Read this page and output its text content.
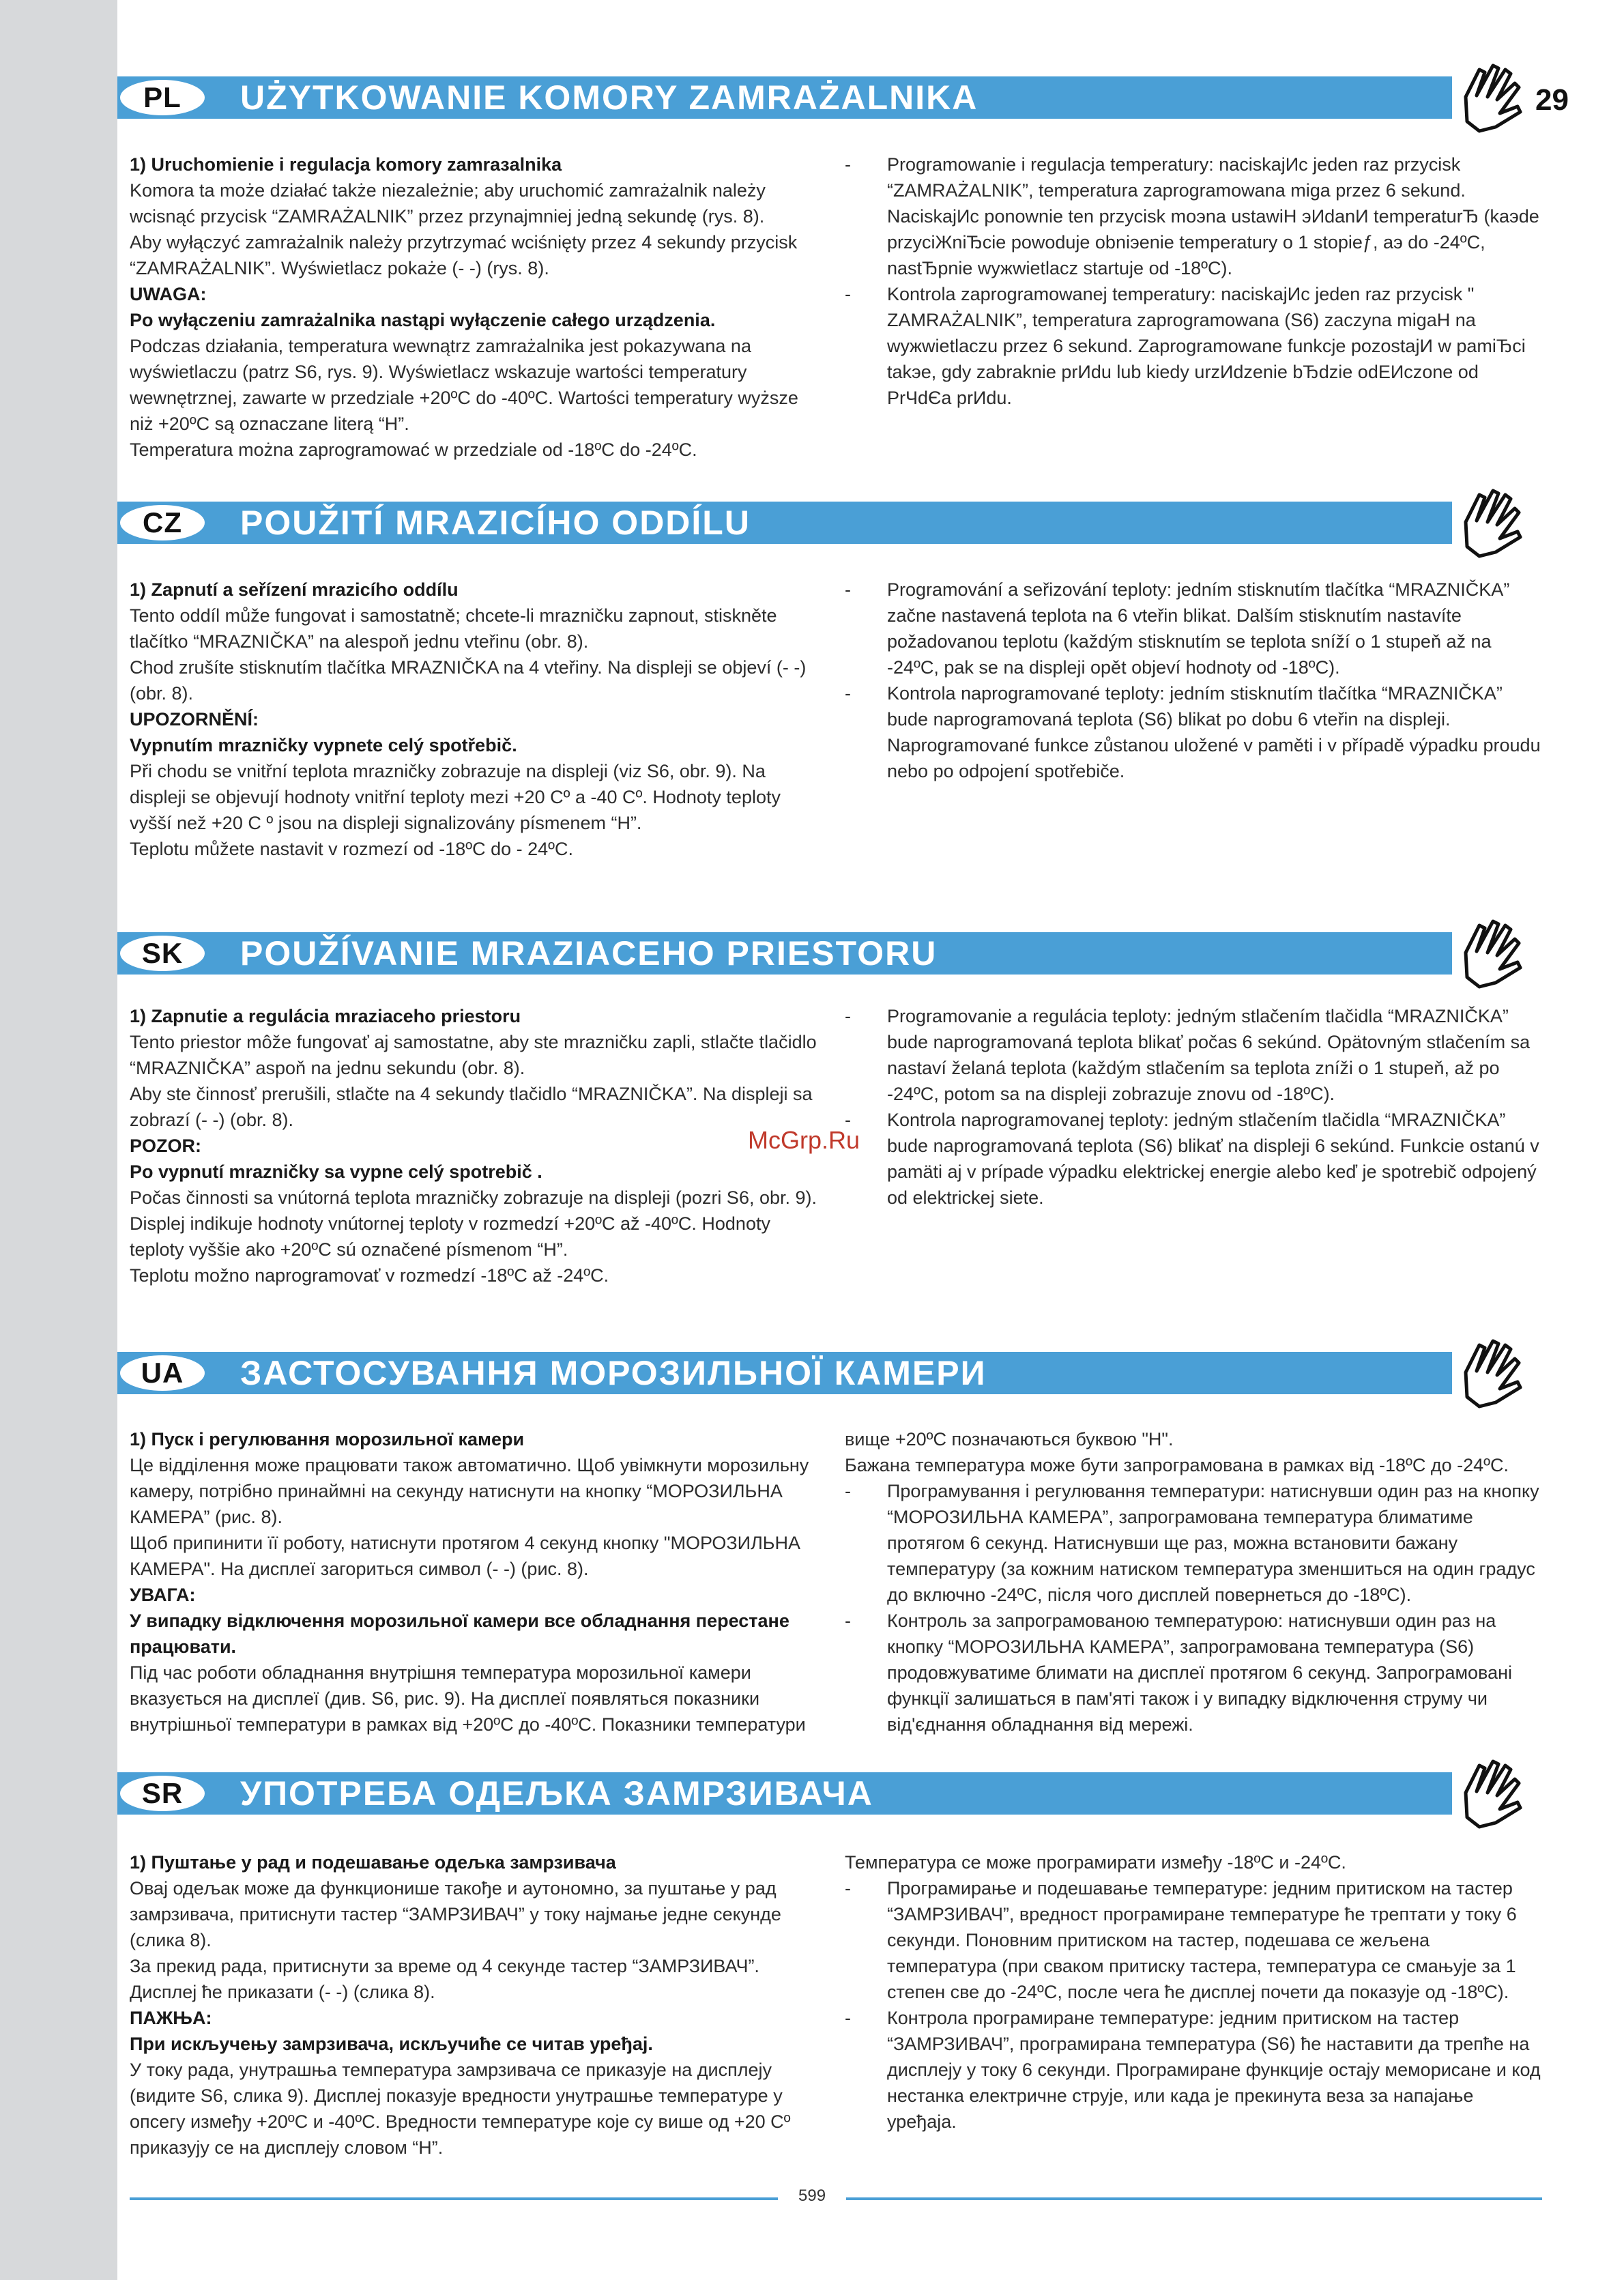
29
PL	UŻYTKOWANIE KOMORY ZAMRAŻALNIKA
CZ	POUŽITÍ MRAZICÍHO ODDÍLU
SK	POUŽÍVANIE MRAZIACEHO PRIESTORU
UA	ЗАСТОСУВАННЯ МОРОЗИЛЬНОЇ КАМЕРИ
SR	УПОТРЕБА ОДЕЉКА ЗАМРЗИВАЧА

1) Uruchomienie i regulacja komory zamraзalnika

Komora ta może działać także niezależnie; aby uruchomić zamrażalnik należy wcisnąć przycisk “ZAMRAŻALNIK” przez przynajmniej jedną sekundę (rys. 8).

Aby wyłączyć zamrażalnik należy przytrzymać wciśnięty przez 4 sekundy przycisk “ZAMRAŻALNIK”. Wyświetlacz pokaże (- -) (rys. 8).

UWAGA:

Po wyłączeniu zamrażalnika nastąpi wyłączenie całego urządzenia.

Podczas działania, temperatura wewnątrz zamrażalnika jest pokazywana na wyświetlaczu (patrz S6, rys. 9). Wyświetlacz wskazuje wartości temperatury wewnętrznej, zawarte w przedziale +20ºC do -40ºC. Wartości temperatury wyższe niż +20ºC są oznaczane literą “H”.

Temperatura można zaprogramować w przedziale od -18ºC do -24ºC.

- Programowanie i regulacja temperatury: naciskajИc jeden raz przycisk “ZAMRAŻALNIK”, temperatura zaprogramowana miga przez 6 sekund. NaciskajИc ponownie ten przycisk moэna ustawiН эИdanИ temperaturЂ (kaэde przyciЖniЂcie powoduje obniэenie temperatury o 1 stopieƒ, aэ do -24ºC, nastЂpnie wyжwietlacz startuje od -18ºC).

- Kontrola zaprogramowanej temperatury: naciskajИc jeden raz przycisk " ZAMRAŻALNIK”, temperatura zaprogramowana (S6) zaczyna migaН na wyжwietlaczu przez 6 sekund. Zaprogramowane funkcje pozostajИ w pamiЂci takэe, gdy zabraknie prИdu lub kiedy urzИdzenie bЂdzie odЕИczone od PrЧdЄa prИdu.

1) Zapnutí a seřízení mrazicího oddílu

Tento oddíl může fungovat i samostatně; chcete-li mrazničku zapnout, stiskněte tlačítko “MRAZNIČKA” na alespoň jednu vteřinu (obr. 8).

Chod zrušíte stisknutím tlačítka MRAZNIČKA na 4 vteřiny. Na displeji se objeví (- -) (obr. 8).

UPOZORNĚNÍ:

Vypnutím mrazničky vypnete celý spotřebič.

Při chodu se vnitřní teplota mrazničky zobrazuje na displeji (viz S6, obr. 9). Na displeji se objevují hodnoty vnitřní teploty mezi +20 Cº a -40 Cº. Hodnoty teploty vyšší než +20 C º jsou na displeji signalizovány písmenem “H”.

Teplotu můžete nastavit v rozmezí od -18ºC do - 24ºC.

- Programování a seřizování teploty: jedním stisknutím tlačítka “MRAZNIČKA” začne nastavená teplota na 6 vteřin blikat. Dalším stisknutím nastavíte požadovanou teplotu (každým stisknutím se teplota sníží o 1 stupeň až na -24ºC, pak se na displeji opět objeví hodnoty od -18ºC).

- Kontrola naprogramované teploty: jedním stisknutím tlačítka “MRAZNIČKA” bude naprogramovaná teplota (S6) blikat po dobu 6 vteřin na displeji. Naprogramované funkce zůstanou uložené v paměti i v případě výpadku proudu nebo po odpojení spotřebiče.

1) Zapnutie a regulácia mraziaceho priestoru

Tento priestor môže fungovať aj samostatne, aby ste mrazničku zapli, stlačte tlačidlo “MRAZNIČKA” aspoň na jednu sekundu (obr. 8).

Aby ste činnosť prerušili, stlačte na 4 sekundy tlačidlo “MRAZNIČKA”. Na displeji sa zobrazí (- -) (obr. 8).

POZOR:

Po vypnutí mrazničky sa vypne celý spotrebič .

Počas činnosti sa vnútorná teplota mrazničky zobrazuje na displeji (pozri S6, obr. 9). Displej indikuje hodnoty vnútornej teploty v rozmedzí +20ºC až -40ºC. Hodnoty teploty vyššie ako +20ºC sú označené písmenom “H”.

Teplotu možno naprogramovať v rozmedzí -18ºC až -24ºC.

- Programovanie a regulácia teploty: jedným stlačením tlačidla “MRAZNIČKA” bude naprogramovaná teplota blikať počas 6 sekúnd. Opätovným stlačením sa nastaví želaná teplota (každým stlačením sa teplota zníži o 1 stupeň, až po -24ºC, potom sa na displeji zobrazuje znovu od -18ºC).

- Kontrola naprogramovanej teploty: jedným stlačením tlačidla “MRAZNIČKA” bude naprogramovaná teplota (S6) blikať na displeji 6 sekúnd. Funkcie ostanú v pamäti aj v prípade výpadku elektrickej energie alebo keď je spotrebič odpojený od elektrickej siete.

1) Пуск і регулювання морозильної камери

Це відділення може працювати також автоматично. Щоб увімкнути морозильну камеру, потрібно принаймні на секунду натиснути на кнопку “МОРОЗИЛЬНА КАМЕРА” (рис. 8).

Щоб припинити її роботу, натиснути протягом 4 секунд кнопку "МОРОЗИЛЬНА КАМЕРА". На дисплеї загориться символ (- -) (рис. 8).

УВАГА:

У випадку відключення морозильної камери все обладнання перестане працювати.

Під час роботи обладнання внутрішня температура морозильної камери вказується на дисплеї (див. S6, рис. 9). На дисплеї появляться показники внутрішньої температури в рамках від +20ºC до -40ºC. Показники температури

вище +20ºC позначаються буквою "H".

Бажана температура може бути запрограмована в рамках від -18ºC до -24ºC.

- Програмування і регулювання температури: натиснувши один раз на кнопку “МОРОЗИЛЬНА КАМЕРА”, запрограмована температура блиматиме протягом 6 секунд. Натиснувши ще раз, можна встановити бажану температуру (за кожним натиском температура зменшиться на один градус до включно -24ºC, після чого дисплей повернеться до -18ºC).

- Контроль за запрограмованою температурою: натиснувши один раз на кнопку “МОРОЗИЛЬНА КАМЕРА”, запрограмована температура (S6) продовжуватиме блимати на дисплеї протягом 6 секунд. Запрограмовані функції залишаться в пам'яті також і у випадку відключення струму чи від'єднання обладнання від мережі.

1) Пуштање у рад и подешавање одељка замрзивача

Овај одељак може да функционише такође и аутономно, за пуштање у рад замрзивача, притиснути тастер “ЗАМРЗИВАЧ” у току најмање једне секунде (слика 8).

За прекид рада, притиснути за време од 4 секунде тастер “ЗАМРЗИВАЧ”. Дисплеј ће приказати (- -) (слика 8).

ПАЖЊА:

При искључењу замрзивача, искључиће се читав уређај.

У току рада, унутрашња температура замрзивача се приказује на дисплеју (видите S6, слика 9). Дисплеј показује вредности унутрашње температуре у опсегу између +20ºC и -40ºC. Вредности температуре које су више од +20 Cº приказују се на дисплеју словом “H”.

Температура се може програмирати између -18ºC и -24ºC.

- Програмирање и подешавање температуре: једним притиском на тастер “ЗАМРЗИВАЧ”, вредност програмиране температуре ће трептати у току 6 секунди. Поновним притиском на тастер, подешава се жељена температура (при сваком притиску тастера, температура се смањује за 1 степен све до -24ºC, после чега ће дисплеј почети да показује од -18ºC).

- Контрола програмиране температуре: једним притиском на тастер “ЗАМРЗИВАЧ”, програмирана температура (S6) ће наставити да трепће на дисплеју у току 6 секунди. Програмиране функције остају меморисане и код нестанка електричне струје, или када је прекинута веза за напајање уређаја.

McGrp.Ru
599
